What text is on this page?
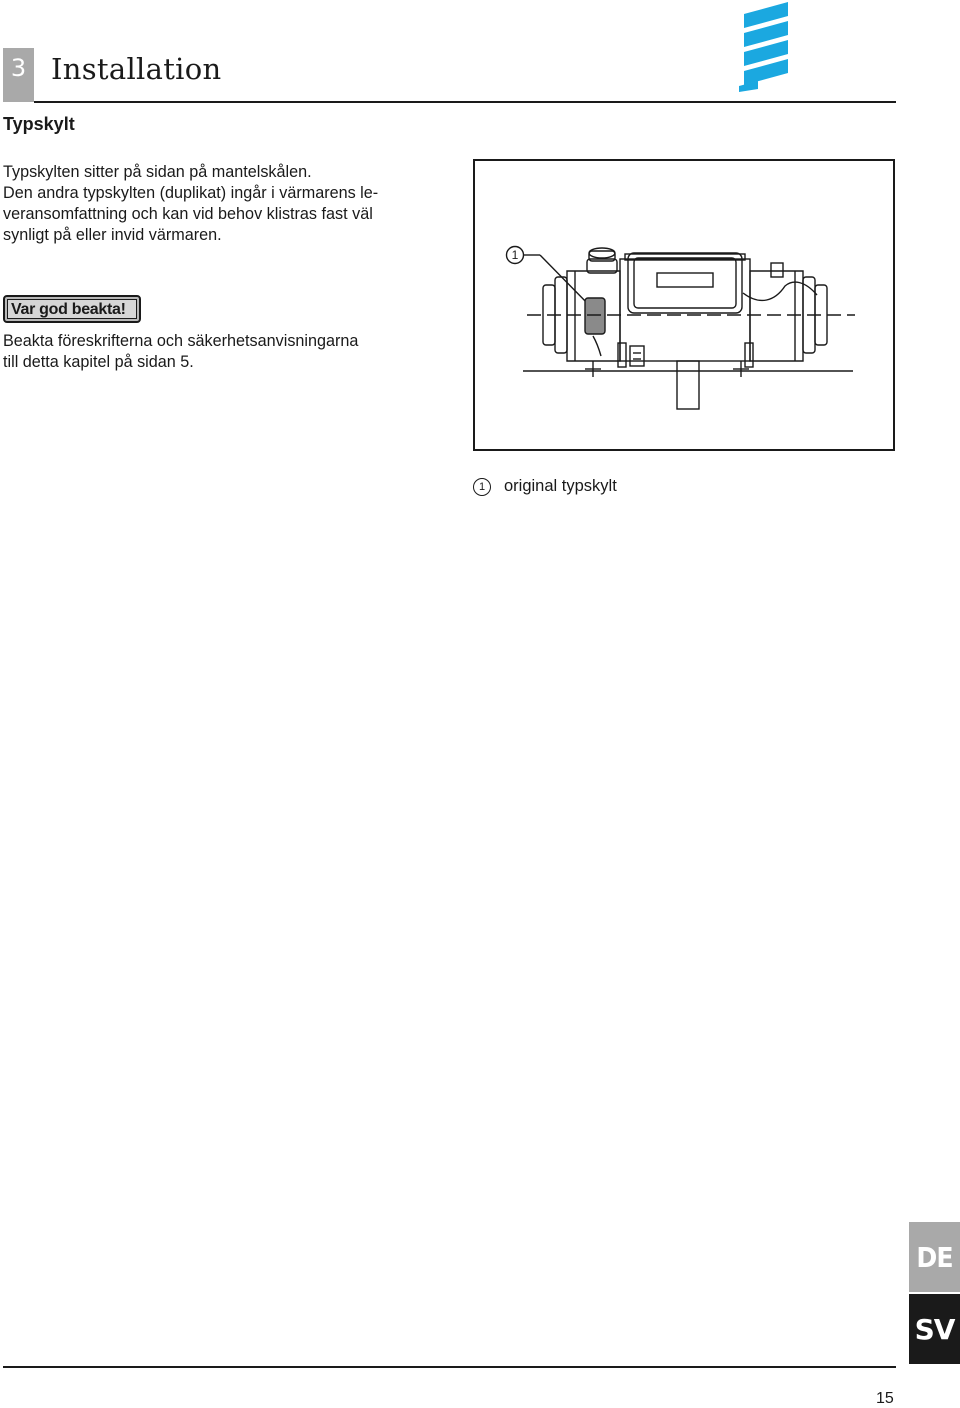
3 Installation
Typskylt
Typskylten sitter på sidan på mantelskålen.
Den andra typskylten (duplikat) ingår i värmarens le-
veransomfattning och kan vid behov klistras fast väl
synligt på eller invid värmaren.
Var god beakta!
Beakta föreskrifterna och säkerhetsanvisningarna
till detta kapitel på sidan 5.
1
1 original typskylt
DE
SV
15
